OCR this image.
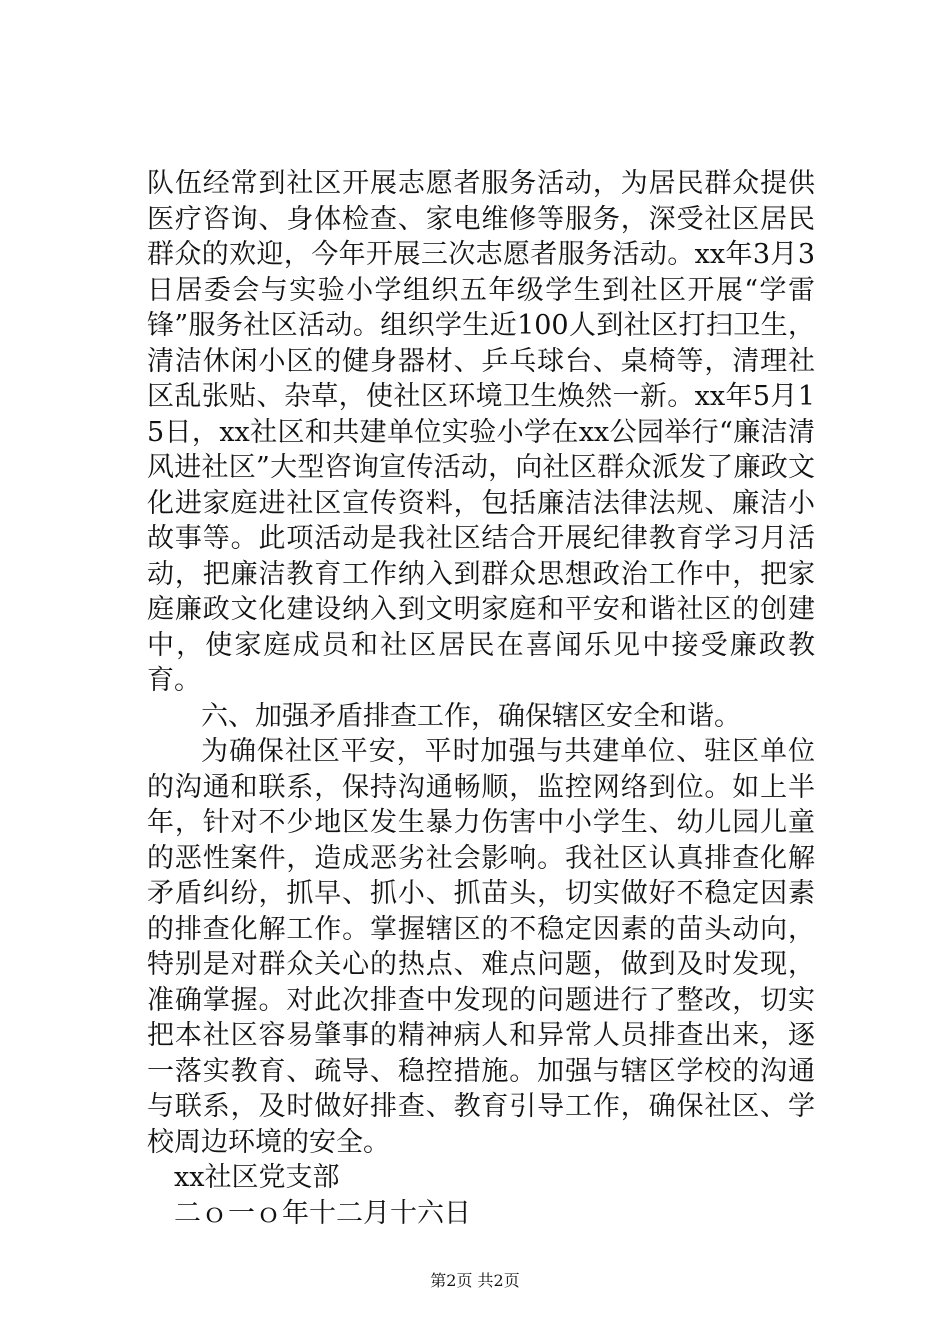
队伍经常到社区开展志愿者服务活动，为居民群众提供医疗咨询、身体检查、家电维修等服务，深受社区居民群众的欢迎，今年开展三次志愿者服务活动。xx年3月3日居委会与实验小学组织五年级学生到社区开展“学雷锋”服务社区活动。组织学生近100人到社区打扫卫生，清洁休闲小区的健身器材、乒乓球台、桌椅等，清理社区乱张贴、杂草，使社区环境卫生焕然一新。xx年5月15日，xx社区和共建单位实验小学在xx公园举行“廉洁清风进社区”大型咨询宣传活动，向社区群众派发了廉政文化进家庭进社区宣传资料，包括廉洁法律法规、廉洁小故事等。此项活动是我社区结合开展纪律教育学习月活动，把廉洁教育工作纳入到群众思想政治工作中，把家庭廉政文化建设纳入到文明家庭和平安和谐社区的创建中，使家庭成员和社区居民在喜闻乐见中接受廉政教育。

六、加强矛盾排查工作，确保辖区安全和谐。

为确保社区平安，平时加强与共建单位、驻区单位的沟通和联系，保持沟通畅顺，监控网络到位。如上半年，针对不少地区发生暴力伤害中小学生、幼儿园儿童的恶性案件，造成恶劣社会影响。我社区认真排查化解矛盾纠纷，抓早、抓小、抓苗头，切实做好不稳定因素的排查化解工作。掌握辖区的不稳定因素的苗头动向，特别是对群众关心的热点、难点问题，做到及时发现，准确掌握。对此次排查中发现的问题进行了整改，切实把本社区容易肇事的精神病人和异常人员排查出来，逐一落实教育、疏导、稳控措施。加强与辖区学校的沟通与联系，及时做好排查、教育引导工作，确保社区、学校周边环境的安全。

xx社区党支部

二ｏ一ｏ年十二月十六日

第2页 共2页
